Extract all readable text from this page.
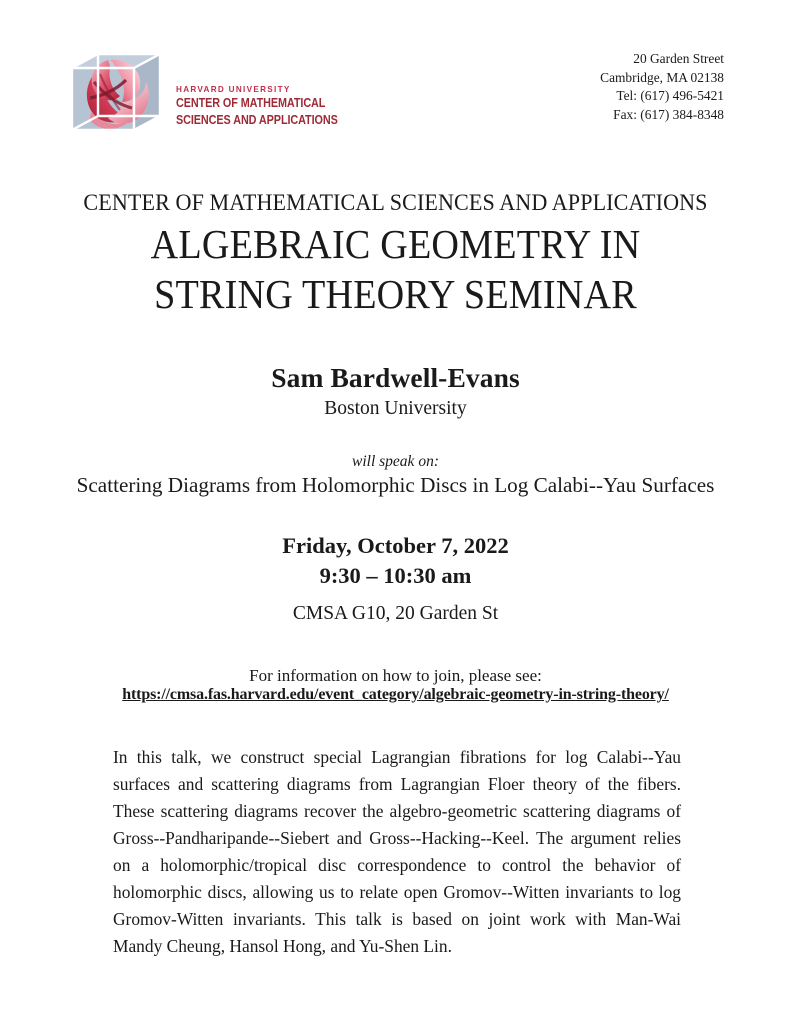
HARVARD UNIVERSITY
CENTER OF MATHEMATICAL
SCIENCES AND APPLICATIONS
20 Garden Street
Cambridge, MA 02138
Tel: (617) 496-5421
Fax: (617) 384-8348
CENTER OF MATHEMATICAL SCIENCES AND APPLICATIONS
ALGEBRAIC GEOMETRY IN
STRING THEORY SEMINAR
Sam Bardwell-Evans
Boston University
will speak on:
Scattering Diagrams from Holomorphic Discs in Log Calabi--Yau Surfaces
Friday, October 7, 2022
9:30 – 10:30 am
CMSA G10, 20 Garden St
For information on how to join, please see:
https://cmsa.fas.harvard.edu/event_category/algebraic-geometry-in-string-theory/
In this talk, we construct special Lagrangian fibrations for log Calabi--Yau surfaces and scattering diagrams from Lagrangian Floer theory of the fibers. These scattering diagrams recover the algebro-geometric scattering diagrams of Gross--Pandharipande--Siebert and Gross--Hacking--Keel. The argument relies on a holomorphic/tropical disc correspondence to control the behavior of holomorphic discs, allowing us to relate open Gromov--Witten invariants to log Gromov-Witten invariants. This talk is based on joint work with Man-Wai Mandy Cheung, Hansol Hong, and Yu-Shen Lin.
